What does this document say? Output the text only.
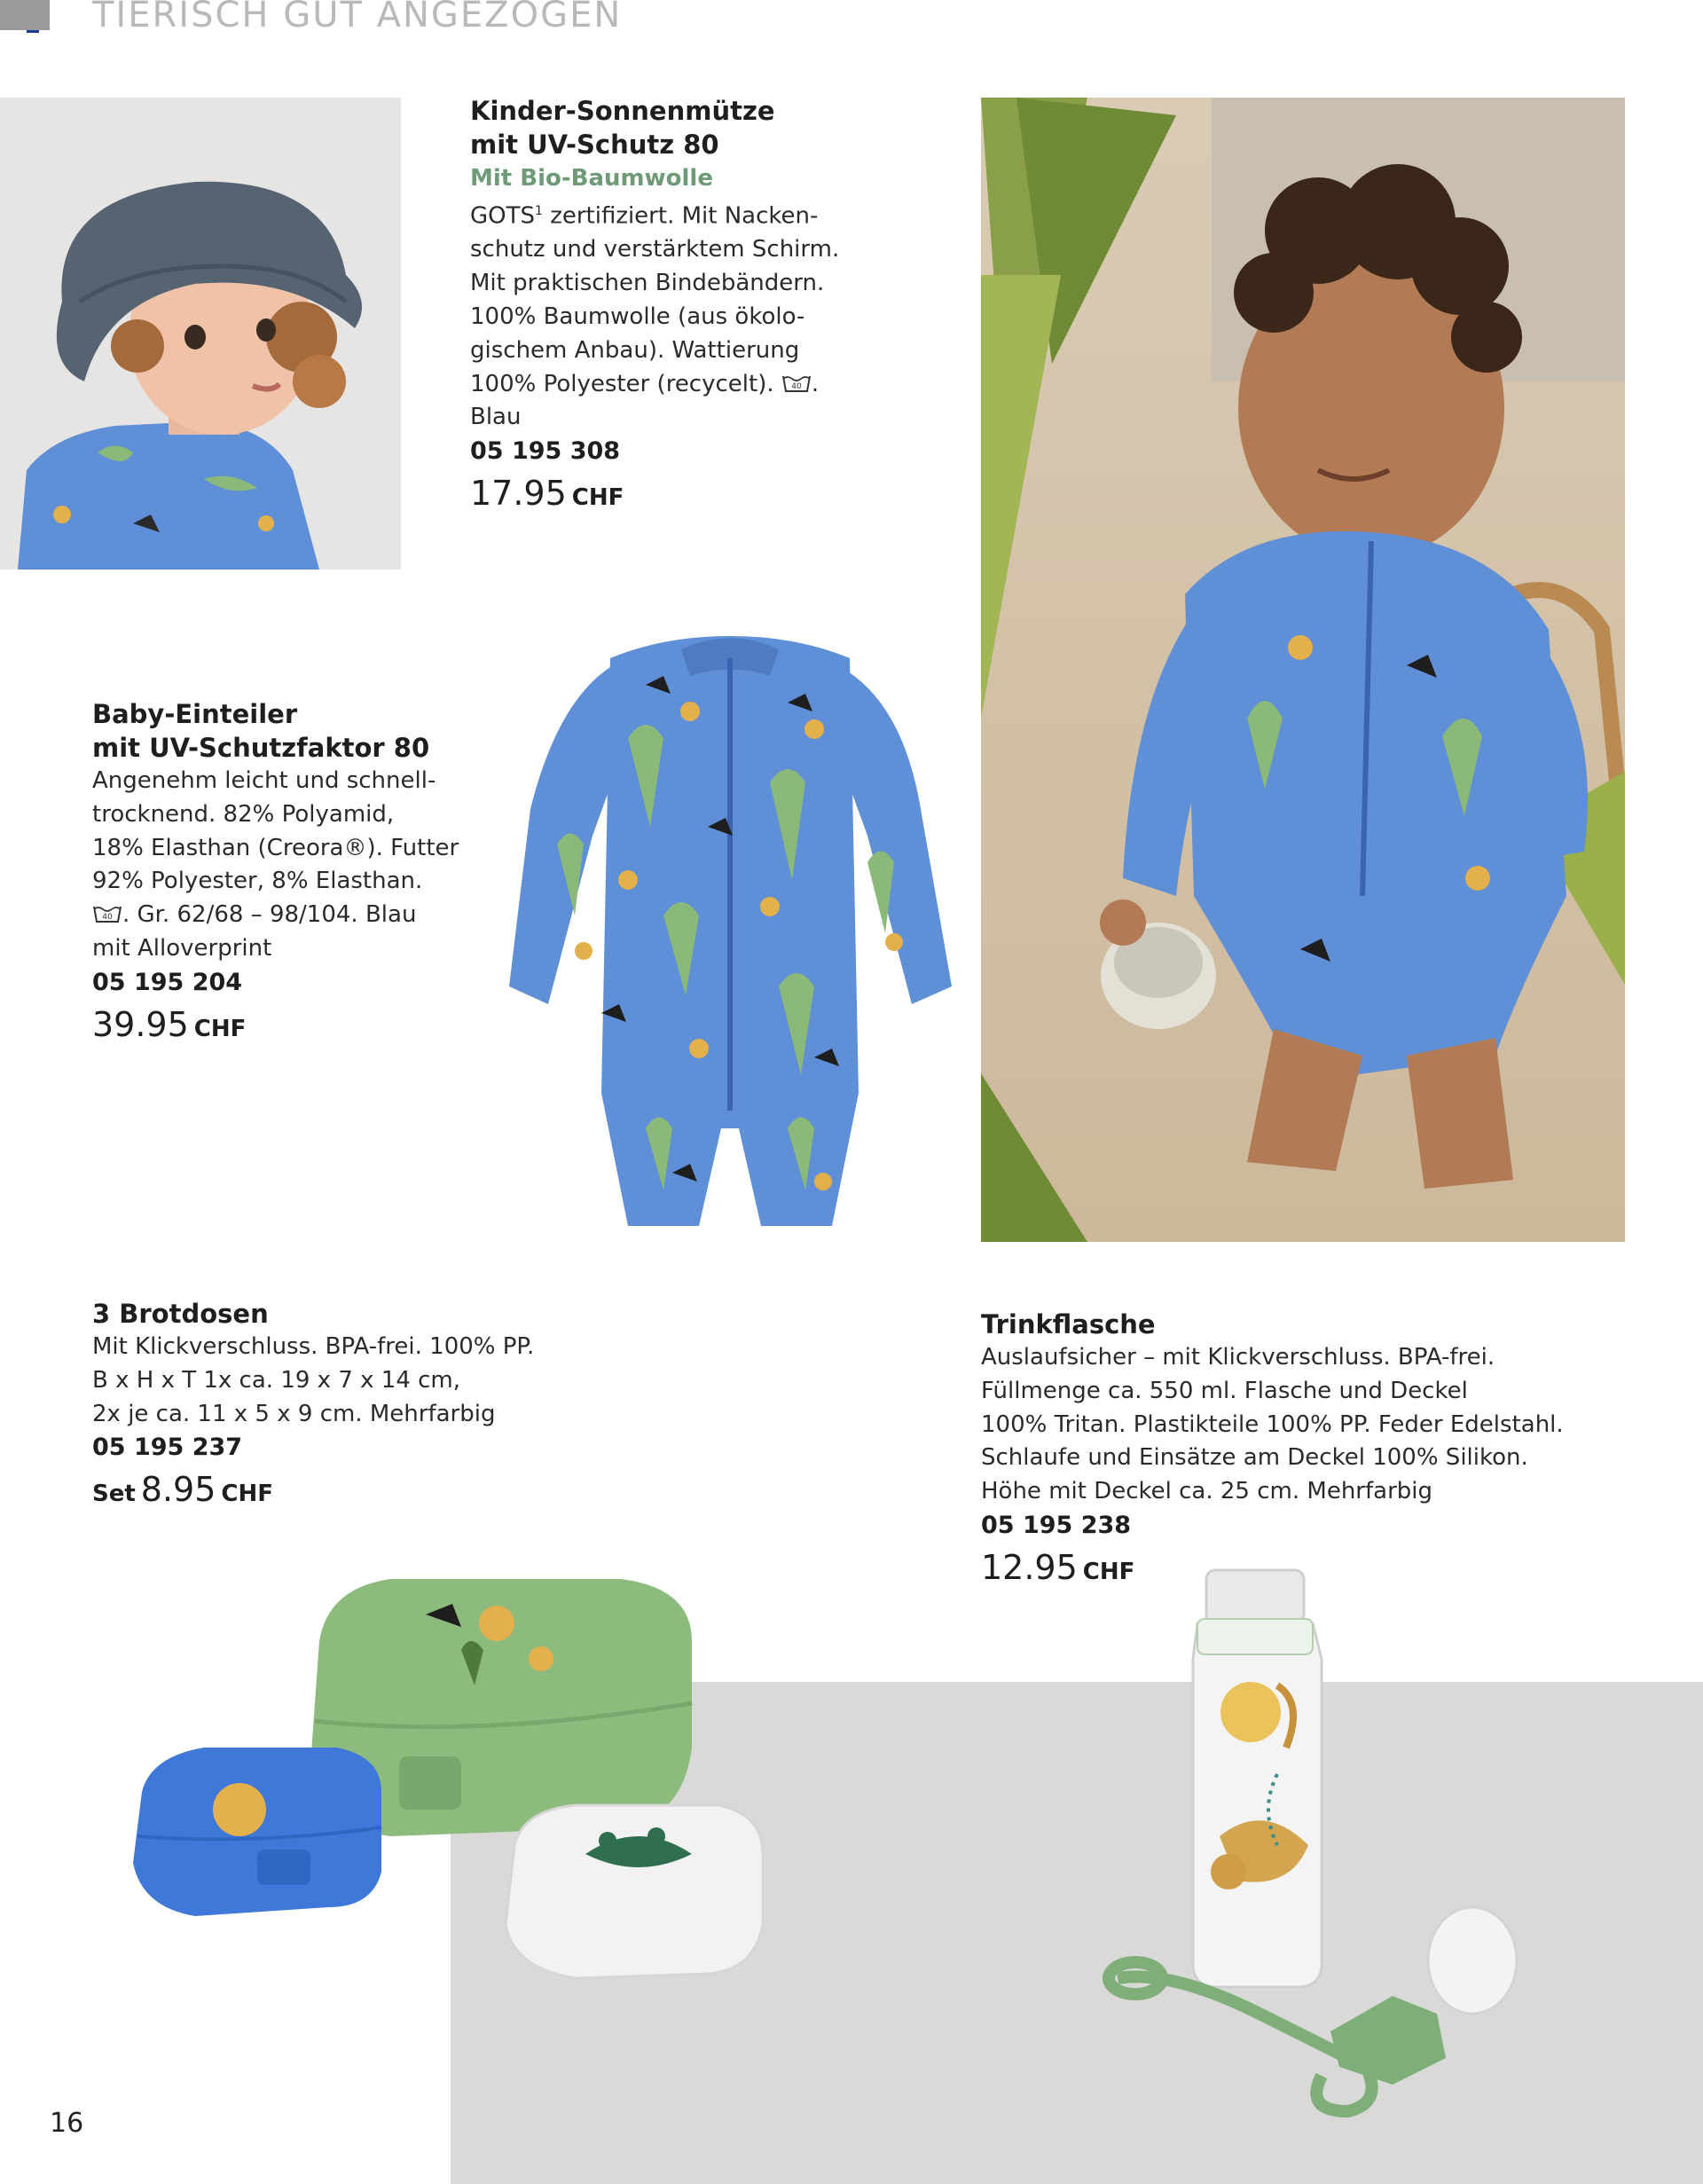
TIERISCH GUT ANGEZOGEN
Kinder-Sonnenmütze
mit UV-Schutz 80
Mit Bio-Baumwolle
GOTS$^1$ zertifiziert. Mit Nacken-
schutz und verstärktem Schirm.
Mit praktischen Bindebändern.
100% Baumwolle (aus ökolo-
gischem Anbau). Wattierung
100% Polyester (recycelt). 40 .
Blau
05 195 308
17.95 CHF
Baby-Einteiler
mit UV-Schutzfaktor 80
Angenehm leicht und schnell-
trocknend. 82% Polyamid,
18% Elasthan (Creora®). Futter
92% Polyester, 8% Elasthan.
40 . Gr. 62/68 – 98/104. Blau
mit Alloverprint
05 195 204
39.95 CHF
3 Brotdosen
Mit Klickverschluss. BPA-frei. 100% PP.
B x H x T 1x ca. 19 x 7 x 14 cm,
2x je ca. 11 x 5 x 9 cm. Mehrfarbig
05 195 237
Set 8.95 CHF
Trinkflasche
Auslaufsicher – mit Klickverschluss. BPA-frei.
Füllmenge ca. 550 ml. Flasche und Deckel
100% Tritan. Plastikteile 100% PP. Feder Edelstahl.
Schlaufe und Einsätze am Deckel 100% Silikon.
Höhe mit Deckel ca. 25 cm. Mehrfarbig
05 195 238
12.95 CHF
16
